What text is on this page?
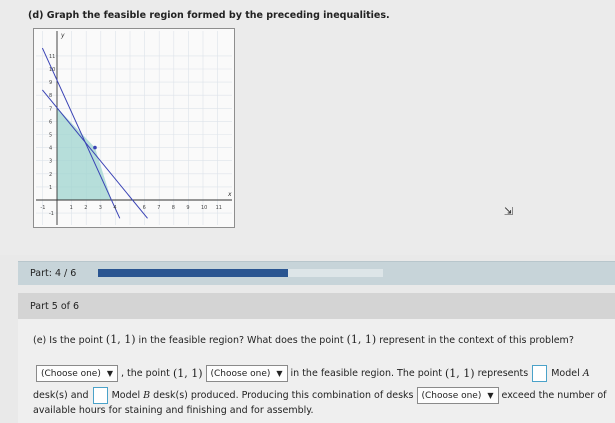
(d) Graph the feasible region formed by the preceding inequalities.
x
y
-1	1 2 3 4	6 7 8 9 10 11
11
10
9
8
7
6
5
4
3
2
1
-1	⇲
Part: 4 / 6
Part 5 of 6
(e) Is the point (1, 1) in the feasible region? What does the point (1, 1) represent in the context of this problem?
(Choose one) ▼ , the point
(1, 1) (Choose one) ▼ in the feasible region. The point
(1, 1)
represents Model
A
desk(s) and Model
B
desk(s) produced. Producing this combination of desks (Choose one) ▼ exceed the number of
available hours for staining and finishing and for assembly.
